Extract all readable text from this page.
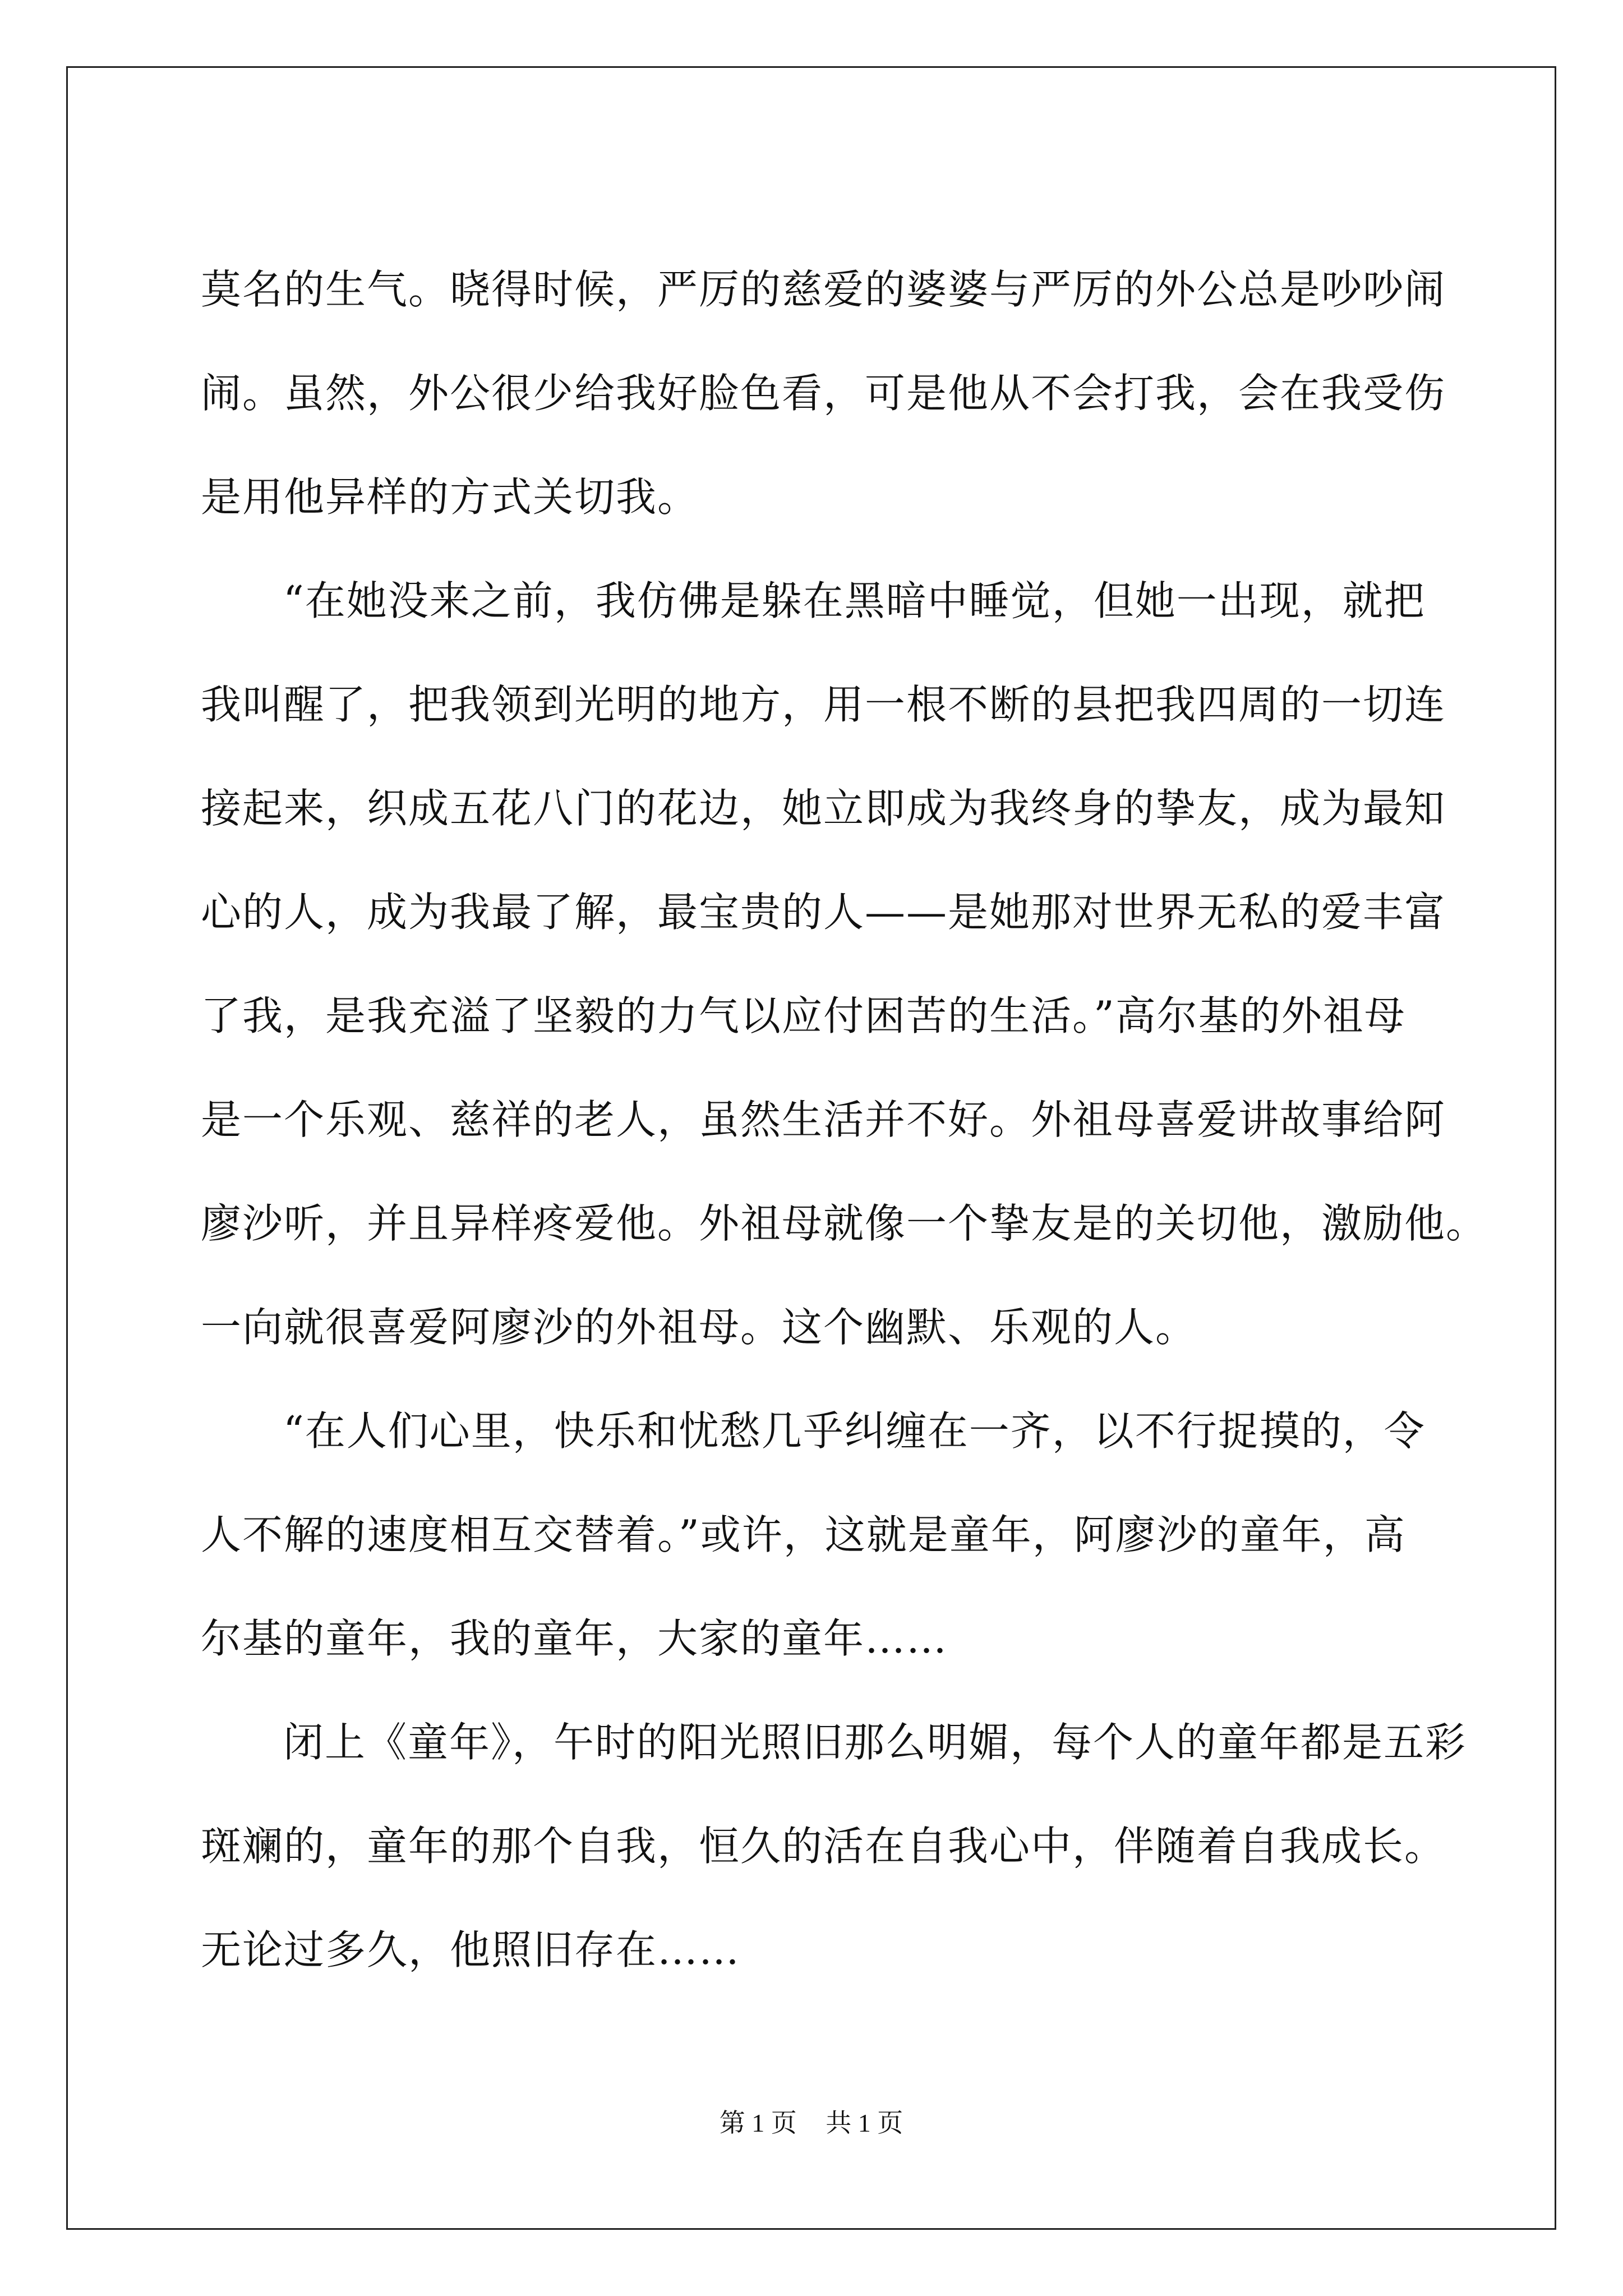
莫名的生气。晓得时候，严厉的慈爱的婆婆与严厉的外公总是吵吵闹
闹。虽然，外公很少给我好脸色看，可是他从不会打我，会在我受伤
是用他异样的方式关切我。
“在她没来之前，我仿佛是躲在黑暗中睡觉，但她一出现，就把
我叫醒了，把我领到光明的地方，用一根不断的县把我四周的一切连
接起来，织成五花八门的花边，她立即成为我终身的挚友，成为最知
心的人，成为我最了解，最宝贵的人——是她那对世界无私的爱丰富
了我，是我充溢了坚毅的力气以应付困苦的生活。”高尔基的外祖母
是一个乐观、慈祥的老人，虽然生活并不好。外祖母喜爱讲故事给阿
廖沙听，并且异样疼爱他。外祖母就像一个挚友是的关切他，激励他。
一向就很喜爱阿廖沙的外祖母。这个幽默、乐观的人。
“在人们心里，快乐和忧愁几乎纠缠在一齐，以不行捉摸的，令
人不解的速度相互交替着。”或许，这就是童年，阿廖沙的童年，高
尔基的童年，我的童年，大家的童年……
闭上《童年》，午时的阳光照旧那么明媚，每个人的童年都是五彩
斑斓的，童年的那个自我，恒久的活在自我心中，伴随着自我成长。
无论过多久，他照旧存在……
第 1 页 共 1 页
